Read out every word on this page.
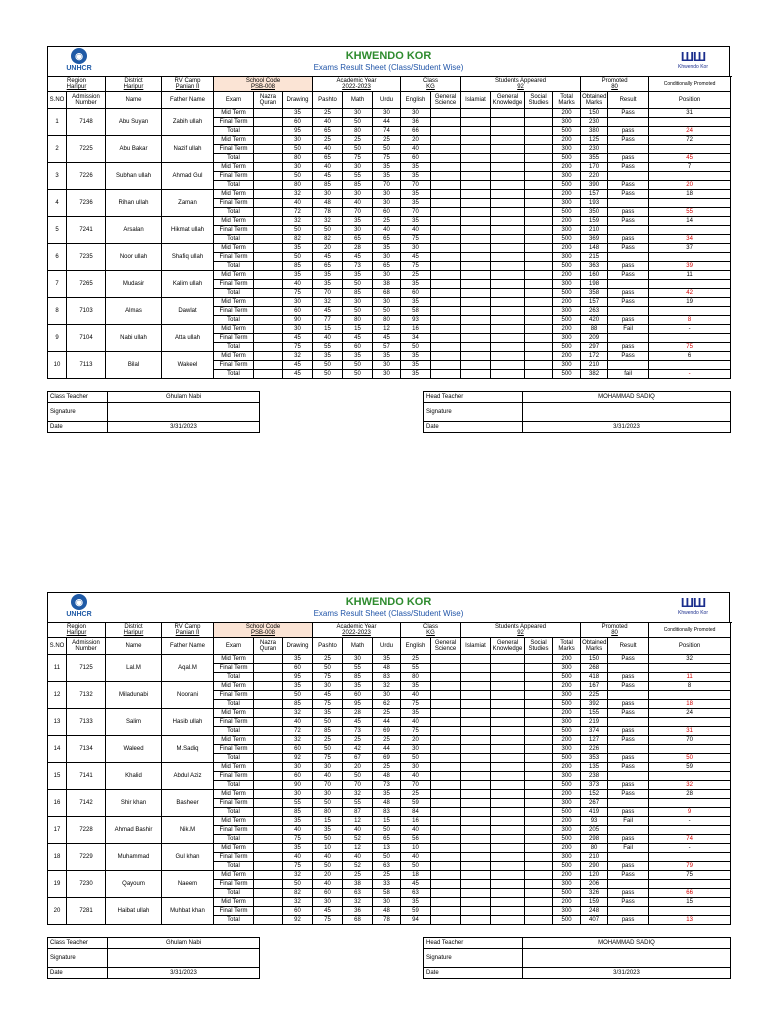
◉
UNHCR
KHWENDO KOR
Exams Result Sheet (Class/Student Wise)
ШШ
Khwendo Kor
Region
Haripur		District
Haripur	RV Camp
Panian II	School Code
PSB-008			Academic Year
2022-2023			Class
KG		Students Appeared
92				Promoted
80		Conditionally Promoted

S.NO	Admission Number	Name	Father Name	Exam	Nazra Quran	Drawing	Pashto	Math	Urdu	English	General Science	Islamiat	General Knowledge	Social Studies	Total Marks	Obtained Marks	Result	Position	
1	7148	Abu Suyan	Zabih ullah	Mid Term		35	25	30	30	30					200	150	Pass	31	
				Final Term		60	40	50	44	36					300	230			
				Total		95	65	80	74	66					500	380	pass	24	
2	7225	Abu Bakar	Nazif ullah	Mid Term		30	25	25	25	20					200	125	Pass	72	
				Final Term		50	40	50	50	40					300	230			
				Total		80	65	75	75	60					500	355	pass	45	
3	7226	Subhan ullah	Ahmad Gul	Mid Term		30	40	30	35	35					200	170	Pass	7	
				Final Term		50	45	55	35	35					300	220			
				Total		80	85	85	70	70					500	390	Pass	20	
4	7236	Rihan ullah	Zaman	Mid Term		32	30	30	30	35					200	157	Pass	18	
				Final Term		40	48	40	30	35					300	193			
				Total		72	78	70	60	70					500	350	pass	55	
5	7241	Arsalan	Hikmat ullah	Mid Term		32	32	35	25	35					200	159	Pass	14	
				Final Term		50	50	30	40	40					300	210			
				Total		82	82	65	65	75					500	369	pass	34	
6	7235	Noor ullah	Shafiq ullah	Mid Term		35	20	28	35	30					200	148	Pass	37	
				Final Term		50	45	45	30	45					300	215			
				Total		85	65	73	65	75					500	363	pass	39	
7	7265	Mudasir	Kalim ullah	Mid Term		35	35	35	30	25					200	160	Pass	11	
				Final Term		40	35	50	38	35					300	198			
				Total		75	70	85	68	60					500	358	pass	42	
8	7103	Almas	Dawlat	Mid Term		30	32	30	30	35					200	157	Pass	19	
				Final Term		60	45	50	50	58					300	263			
				Total		90	77	80	80	93					500	420	pass	8	
9	7104	Nabi ullah	Atta ullah	Mid Term		30	15	15	12	16					200	88	Fail	-	
				Final Term		45	40	45	45	34					300	209			
				Total		75	55	60	57	50					500	297	pass	75	
10	7113	Bilal	Wakeel	Mid Term		32	35	35	35	35					200	172	Pass	6	
				Final Term		45	50	50	30	35					300	210			
				Total		45	50	50	30	35					500	382	fail	-	
Class Teacher	Ghulam Nabi
Signature	
Date	3/31/2023
Head Teacher	MOHAMMAD SADIQ
Signature	
Date	3/31/2023
◉
UNHCR
KHWENDO KOR
Exams Result Sheet (Class/Student Wise)
ШШ
Khwendo Kor
Region
Haripur		District
Haripur	RV Camp
Panian II	School Code
PSB-008			Academic Year
2022-2023			Class
KG		Students Appeared
92				Promoted
80		Conditionally Promoted

S.NO	Admission Number	Name	Father Name	Exam	Nazra Quran	Drawing	Pashto	Math	Urdu	English	General Science	Islamiat	General Knowledge	Social Studies	Total Marks	Obtained Marks	Result	Position	
11	7125	Lal.M	Aqal.M	Mid Term		35	25	30	35	25					200	150	Pass	32	
				Final Term		60	50	55	48	55					300	268			
				Total		95	75	85	83	80					500	418	pass	11	
12	7132	Miladunabi	Noorani	Mid Term		35	30	35	32	35					200	167	Pass	8	
				Final Term		50	45	60	30	40					300	225			
				Total		85	75	95	62	75					500	392	pass	18	
13	7133	Salim	Hasib ullah	Mid Term		32	35	28	25	35					200	155	Pass	24	
				Final Term		40	50	45	44	40					300	219			
				Total		72	85	73	69	75					500	374	pass	31	
14	7134	Waleed	M.Sadiq	Mid Term		32	25	25	25	20					200	127	Pass	70	
				Final Term		60	50	42	44	30					300	226			
				Total		92	75	67	69	50					500	353	pass	50	
15	7141	Khalid	Abdul Aziz	Mid Term		30	30	20	25	30					200	135	Pass	59	
				Final Term		60	40	50	48	40					300	238			
				Total		90	70	70	73	70					500	373	pass	32	
16	7142	Shir khan	Basheer	Mid Term		30	30	32	35	25					200	152	Pass	28	
				Final Term		55	50	55	48	59					300	267			
				Total		85	80	87	83	84					500	419	pass	9	
17	7228	Ahmad Bashir	Nik.M	Mid Term		35	15	12	15	16					200	93	Fail	-	
				Final Term		40	35	40	50	40					300	205			
				Total		75	50	52	65	56					500	298	pass	74	
18	7229	Muhammad	Gul khan	Mid Term		35	10	12	13	10					200	80	Fail	-	
				Final Term		40	40	40	50	40					300	210			
				Total		75	50	52	63	50					500	290	pass	79	
19	7230	Qayoum	Naeem	Mid Term		32	20	25	25	18					200	120	Pass	75	
				Final Term		50	40	38	33	45					300	206			
				Total		82	60	63	58	63					500	326	pass	66	
20	7281	Haibat ullah	Muhbat khan	Mid Term		32	30	32	30	35					200	159	Pass	15	
				Final Term		60	45	36	48	59					300	248			
				Total		92	75	68	78	94					500	407	pass	13	
Class Teacher	Ghulam Nabi
Signature	
Date	3/31/2023
Head Teacher	MOHAMMAD SADIQ
Signature	
Date	3/31/2023
